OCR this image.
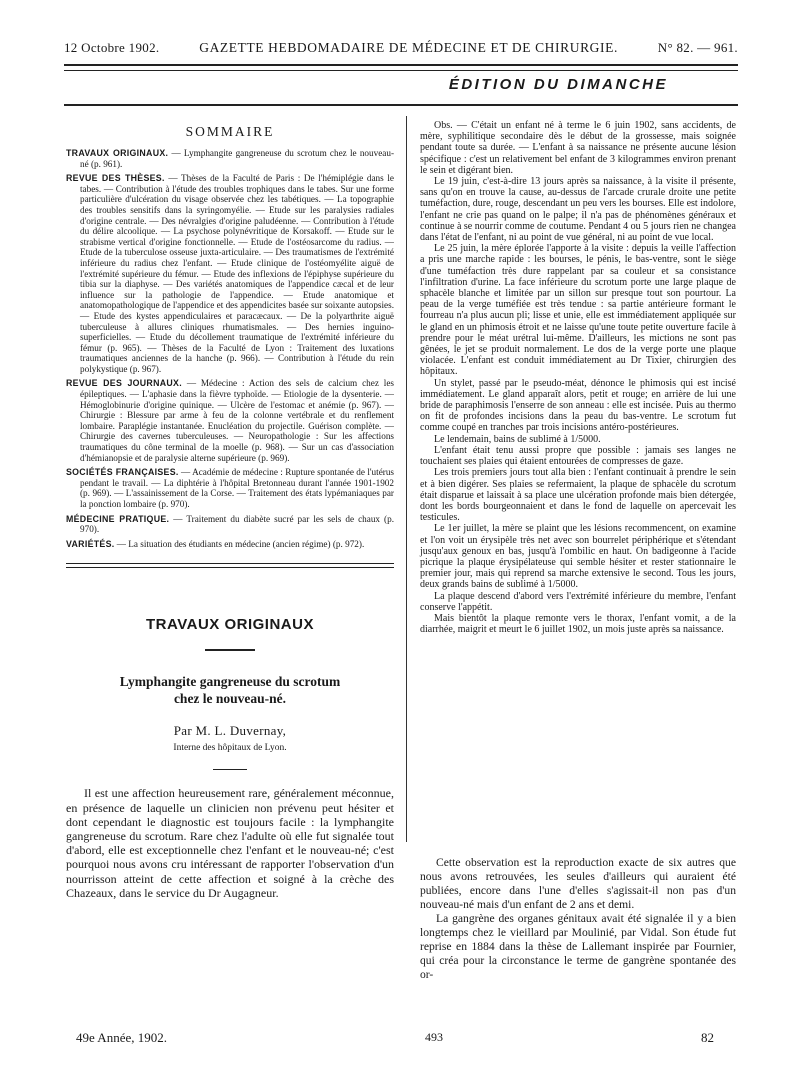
12 Octobre 1902.	GAZETTE HEBDOMADAIRE DE MÉDECINE ET DE CHIRURGIE.	N° 82. — 961.
ÉDITION DU DIMANCHE
SOMMAIRE

TRAVAUX ORIGINAUX. — Lymphangite gangreneuse du scrotum chez le nouveau-né (p. 961).

REVUE DES THÈSES. — Thèses de la Faculté de Paris : De l'hémiplégie dans le tabes. — Contribution à l'étude des troubles trophiques dans le tabes. Sur une forme particulière d'ulcération du visage observée chez les tabétiques. — La topographie des troubles sensitifs dans la syringomyélie. — Etude sur les paralysies radiales d'origine centrale. — Des névralgies d'origine paludéenne. — Contribution à l'étude du délire alcoolique. — La psychose polynévritique de Korsakoff. — Etude sur le strabisme vertical d'origine fonctionnelle. — Etude de l'ostéosarcome du radius. — Etude de la tuberculose osseuse juxta-articulaire. — Des traumatismes de l'extrémité inférieure du radius chez l'enfant. — Etude clinique de l'ostéomyélite aiguë de l'extrémité supérieure du fémur. — Etude des inflexions de l'épiphyse supérieure du tibia sur la diaphyse. — Des variétés anatomiques de l'appendice cæcal et de leur influence sur la pathologie de l'appendice. — Etude anatomique et anatomopathologique de l'appendice et des appendicites basée sur soixante autopsies. — Etude des kystes appendiculaires et paracæcaux. — De la polyarthrite aiguë tuberculeuse à allures cliniques rhumatismales. — Des hernies inguino-superficielles. — Etude du décollement traumatique de l'extrémité inférieure du fémur (p. 965). — Thèses de la Faculté de Lyon : Traitement des luxations traumatiques anciennes de la hanche (p. 966). — Contribution à l'étude du rein polykystique (p. 967).

REVUE DES JOURNAUX. — Médecine : Action des sels de calcium chez les épileptiques. — L'aphasie dans la fièvre typhoïde. — Etiologie de la dysenterie. — Hémoglobinurie d'origine quinique. — Ulcère de l'estomac et anémie (p. 967). — Chirurgie : Blessure par arme à feu de la colonne vertébrale et du renflement lombaire. Paraplégie instantanée. Enucléation du projectile. Guérison complète. — Chirurgie des cavernes tuberculeuses. — Neuropathologie : Sur les affections traumatiques du cône terminal de la moelle (p. 968). — Sur un cas d'association d'hémianopsie et de paralysie alterne supérieure (p. 969).

SOCIÉTÉS FRANÇAISES. — Académie de médecine : Rupture spontanée de l'utérus pendant le travail. — La diphtérie à l'hôpital Bretonneau durant l'année 1901-1902 (p. 969). — L'assainissement de la Corse. — Traitement des états lypémaniaques par la ponction lombaire (p. 970).

MÉDECINE PRATIQUE. — Traitement du diabète sucré par les sels de chaux (p. 970).

VARIÉTÉS. — La situation des étudiants en médecine (ancien régime) (p. 972).

TRAVAUX ORIGINAUX
Lymphangite gangreneuse du scrotum
chez le nouveau-né.
Par M. L. Duvernay,
Interne des hôpitaux de Lyon.

Il est une affection heureusement rare, généralement méconnue, en présence de laquelle un clinicien non prévenu peut hésiter et dont cependant le diagnostic est toujours facile : la lymphangite gangreneuse du scrotum. Rare chez l'adulte où elle fut signalée tout d'abord, elle est exceptionnelle chez l'enfant et le nouveau-né; c'est pourquoi nous avons cru intéressant de rapporter l'observation d'un nourrisson atteint de cette affection et soigné à la crèche des Chazeaux, dans le service du Dr Augagneur.

Obs. — C'était un enfant né à terme le 6 juin 1902, sans accidents, de mère, syphilitique secondaire dès le début de la grossesse, mais soignée pendant toute sa durée. — L'enfant à sa naissance ne présente aucune lésion spécifique : c'est un relativement bel enfant de 3 kilogrammes environ prenant le sein et digérant bien.

Le 19 juin, c'est-à-dire 13 jours après sa naissance, à la visite il présente, sans qu'on en trouve la cause, au-dessus de l'arcade crurale droite une petite tuméfaction, dure, rouge, descendant un peu vers les bourses. Elle est indolore, l'enfant ne crie pas quand on le palpe; il n'a pas de phénomènes généraux et continue à se nourrir comme de coutume. Pendant 4 ou 5 jours rien ne changea dans l'état de l'enfant, ni au point de vue général, ni au point de vue local.

Le 25 juin, la mère éplorée l'apporte à la visite : depuis la veille l'affection a pris une marche rapide : les bourses, le pénis, le bas-ventre, sont le siège d'une tuméfaction très dure rappelant par sa couleur et sa consistance l'infiltration d'urine. La face inférieure du scrotum porte une large plaque de sphacèle blanche et limitée par un sillon sur presque tout son pourtour. La peau de la verge tuméfiée est très tendue : sa partie antérieure formant le fourreau n'a plus aucun pli; lisse et unie, elle est immédiatement appliquée sur le gland en un phimosis étroit et ne laisse qu'une toute petite ouverture facile à prendre pour le méat urétral lui-même. D'ailleurs, les mictions ne sont pas gênées, le jet se produit normalement. Le dos de la verge porte une plaque violacée. L'enfant est conduit immédiatement au Dr Tixier, chirurgien des hôpitaux.

Un stylet, passé par le pseudo-méat, dénonce le phimosis qui est incisé immédiatement. Le gland apparaît alors, petit et rouge; en arrière de lui une bride de paraphimosis l'enserre de son anneau : elle est incisée. Puis au thermo on fit de profondes incisions dans la peau du bas-ventre. Le scrotum fut comme coupé en tranches par trois incisions antéro-postérieures.

Le lendemain, bains de sublimé à 1/5000.

L'enfant était tenu aussi propre que possible : jamais ses langes ne touchaient ses plaies qui étaient entourées de compresses de gaze.

Les trois premiers jours tout alla bien : l'enfant continuait à prendre le sein et à bien digérer. Ses plaies se refermaient, la plaque de sphacèle du scrotum était disparue et laissait à sa place une ulcération profonde mais bien détergée, dont les bords bourgeonnaient et dans le fond de laquelle on apercevait les testicules.

Le 1er juillet, la mère se plaint que les lésions recommencent, on examine et l'on voit un érysipèle très net avec son bourrelet périphérique et s'étendant jusqu'aux genoux en bas, jusqu'à l'ombilic en haut. On badigeonne à l'acide picrique la plaque érysipélateuse qui semble hésiter et rester stationnaire le premier jour, mais qui reprend sa marche extensive le second. Tous les jours, deux grands bains de sublimé à 1/5000.

La plaque descend d'abord vers l'extrémité inférieure du membre, l'enfant conserve l'appétit.

Mais bientôt la plaque remonte vers le thorax, l'enfant vomit, a de la diarrhée, maigrit et meurt le 6 juillet 1902, un mois juste après sa naissance.

Cette observation est la reproduction exacte de six autres que nous avons retrouvées, les seules d'ailleurs qui auraient été publiées, encore dans l'une d'elles s'agissait-il non pas d'un nouveau-né mais d'un enfant de 2 ans et demi.

La gangrène des organes génitaux avait été signalée il y a bien longtemps chez le vieillard par Moulinié, par Vidal. Son étude fut reprise en 1884 dans la thèse de Lallemant inspirée par Fournier, qui créa pour la circonstance le terme de gangrène spontanée des or-

49e Année, 1902.	493	82
